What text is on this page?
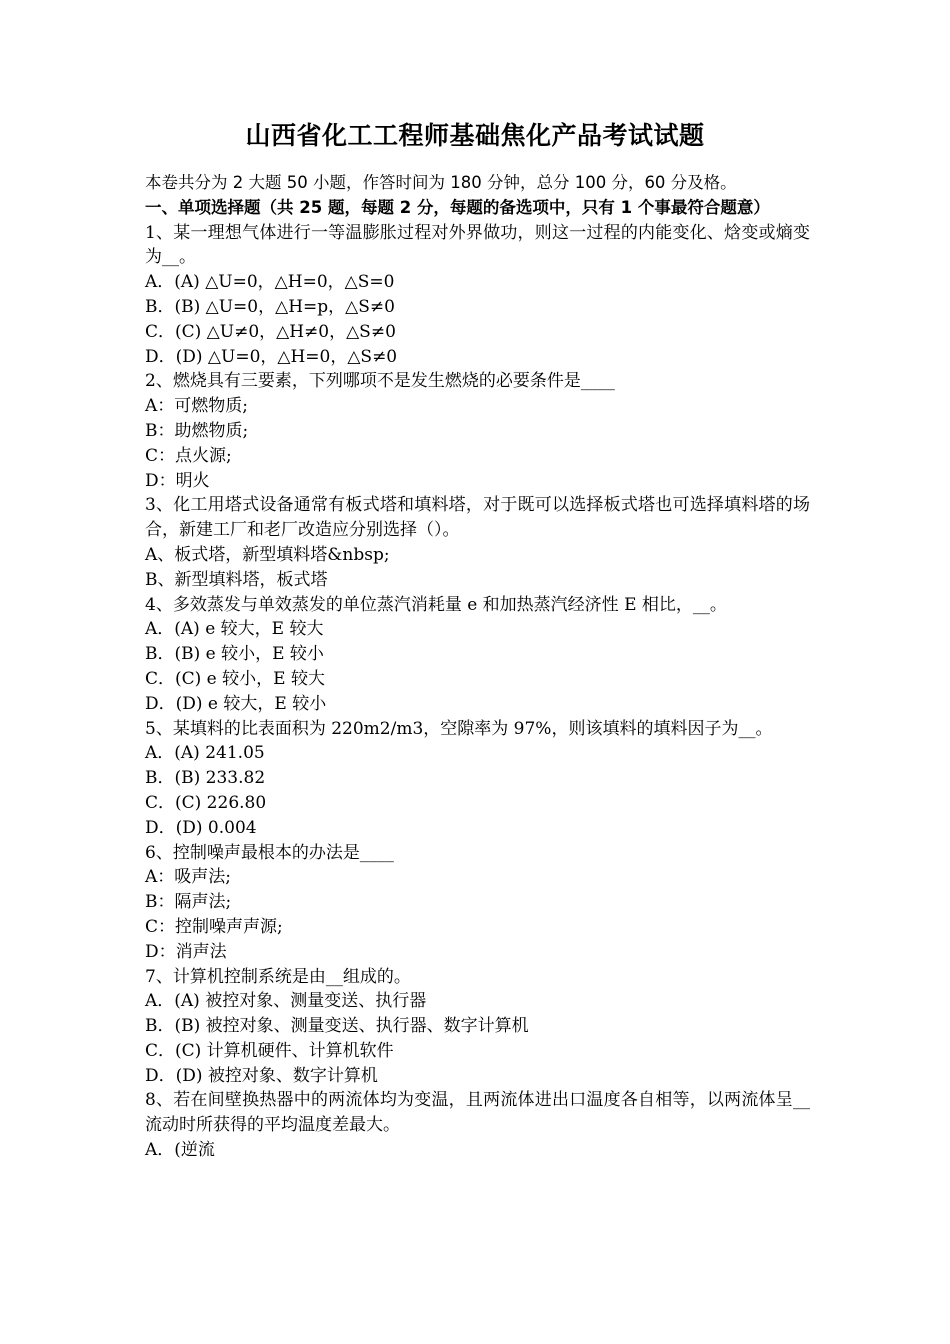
山西省化工工程师基础焦化产品考试试题
本卷共分为 2 大题 50 小题，作答时间为 180 分钟，总分 100 分，60 分及格。
一、单项选择题（共 25 题，每题 2 分，每题的备选项中，只有 1 个事最符合题意）
1、某一理想气体进行一等温膨胀过程对外界做功，则这一过程的内能变化、焓变或熵变为__。
A．(A) △U=0，△H=0，△S=0
B．(B) △U=0，△H=p，△S≠0
C．(C) △U≠0，△H≠0，△S≠0
D．(D) △U=0，△H=0，△S≠0
2、燃烧具有三要素，下列哪项不是发生燃烧的必要条件是____
A：可燃物质;
B：助燃物质;
C：点火源;
D：明火
3、化工用塔式设备通常有板式塔和填料塔，对于既可以选择板式塔也可选择填料塔的场合，新建工厂和老厂改造应分别选择（）。
A、板式塔，新型填料塔&nbsp;
B、新型填料塔，板式塔
4、多效蒸发与单效蒸发的单位蒸汽消耗量 e 和加热蒸汽经济性 E 相比，__。
A．(A) e 较大，E 较大
B．(B) e 较小，E 较小
C．(C) e 较小，E 较大
D．(D) e 较大，E 较小
5、某填料的比表面积为 220m2/m3，空隙率为 97%，则该填料的填料因子为__。
A．(A) 241.05
B．(B) 233.82
C．(C) 226.80
D．(D) 0.004
6、控制噪声最根本的办法是____
A：吸声法;
B：隔声法;
C：控制噪声声源;
D：消声法
7、计算机控制系统是由__组成的。
A．(A) 被控对象、测量变送、执行器
B．(B) 被控对象、测量变送、执行器、数字计算机
C．(C) 计算机硬件、计算机软件
D．(D) 被控对象、数字计算机
8、若在间壁换热器中的两流体均为变温，且两流体进出口温度各自相等，以两流体呈__流动时所获得的平均温度差最大。
A．(逆流
